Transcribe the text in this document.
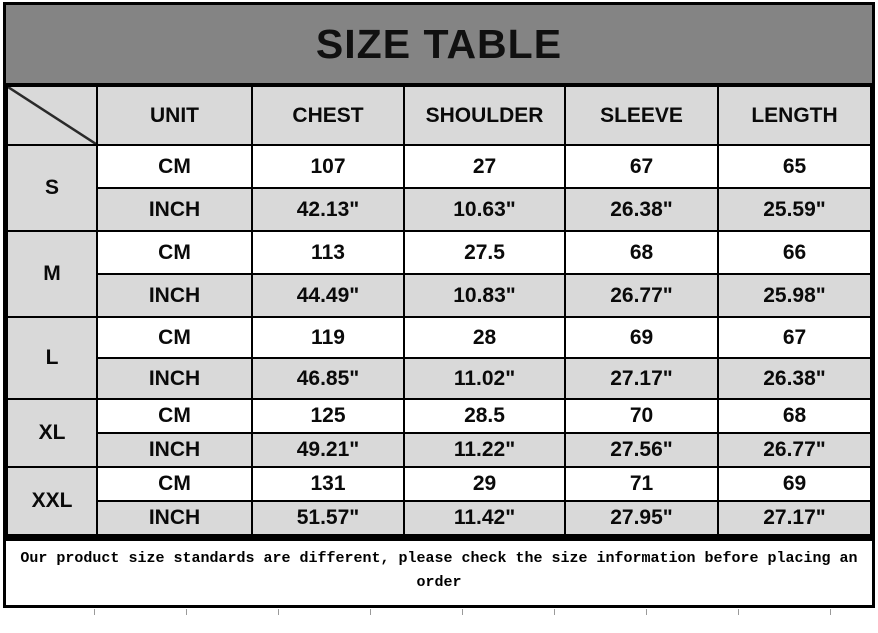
SIZE TABLE
	UNIT	CHEST	SHOULDER	SLEEVE	LENGTH
S	CM	107	27	67	65
	INCH	42.13"	10.63"	26.38"	25.59"
M	CM	113	27.5	68	66
	INCH	44.49"	10.83"	26.77"	25.98"
L	CM	119	28	69	67
	INCH	46.85"	11.02"	27.17"	26.38"
XL	CM	125	28.5	70	68
	INCH	49.21"	11.22"	27.56"	26.77"
XXL	CM	131	29	71	69
	INCH	51.57"	11.42"	27.95"	27.17"
Our product size standards are different, please check the size information before placing an order
